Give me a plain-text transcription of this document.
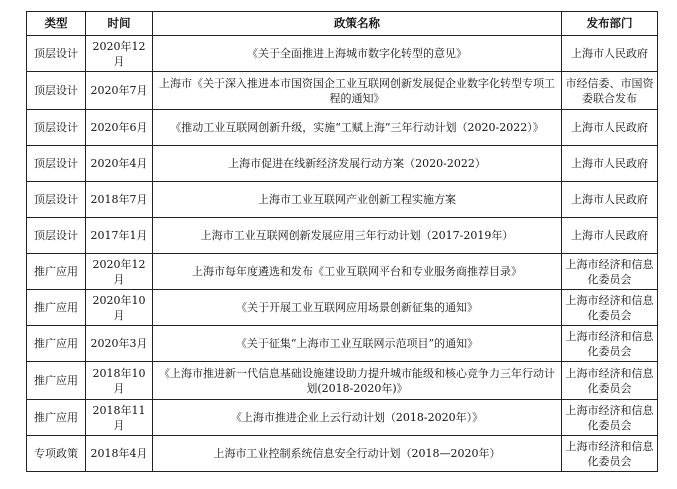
类型	时间	政策名称	发布部门
顶层设计	2020年12月	《关于全面推进上海城市数字化转型的意见》	上海市人民政府
顶层设计	2020年7月	上海市《关于深入推进本市国资国企工业互联网创新发展促企业数字化转型专项工程的通知》	市经信委、市国资委联合发布
顶层设计	2020年6月	《推动工业互联网创新升级，实施“工赋上海”三年行动计划（2020-2022）》	上海市人民政府
顶层设计	2020年4月	上海市促进在线新经济发展行动方案（2020-2022）	上海市人民政府
顶层设计	2018年7月	上海市工业互联网产业创新工程实施方案	上海市人民政府
顶层设计	2017年1月	上海市工业互联网创新发展应用三年行动计划（2017-2019年）	上海市人民政府
推广应用	2020年12月	上海市每年度遴选和发布《工业互联网平台和专业服务商推荐目录》	上海市经济和信息化委员会
推广应用	2020年10月	《关于开展工业互联网应用场景创新征集的通知》	上海市经济和信息化委员会
推广应用	2020年3月	《关于征集“上海市工业互联网示范项目”的通知》	上海市经济和信息化委员会
推广应用	2018年10月	《上海市推进新一代信息基础设施建设助力提升城市能级和核心竞争力三年行动计划(2018-2020年)》	上海市经济和信息化委员会
推广应用	2018年11月	《上海市推进企业上云行动计划（2018-2020年）》	上海市经济和信息化委员会
专项政策	2018年4月	上海市工业控制系统信息安全行动计划（2018—2020年）	上海市经济和信息化委员会
